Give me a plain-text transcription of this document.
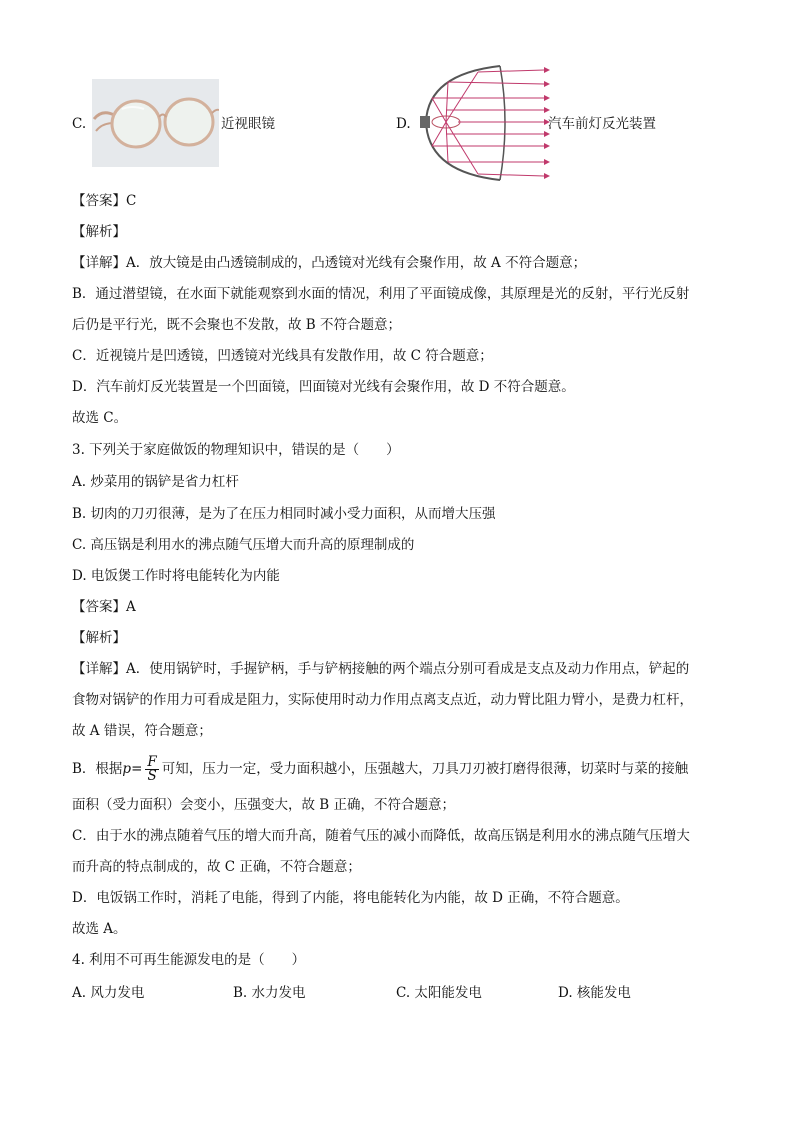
C.	近视眼镜	D.	汽车前灯反光装置
【答案】C
【解析】
【详解】A．放大镜是由凸透镜制成的，凸透镜对光线有会聚作用，故 A 不符合题意；
B．通过潜望镜，在水面下就能观察到水面的情况，利用了平面镜成像，其原理是光的反射，平行光反射
后仍是平行光，既不会聚也不发散，故 B 不符合题意；
C．近视镜片是凹透镜，凹透镜对光线具有发散作用，故 C 符合题意；
D．汽车前灯反光装置是一个凹面镜，凹面镜对光线有会聚作用，故 D 不符合题意。
故选 C。
3. 下列关于家庭做饭的物理知识中，错误的是（　　）
A. 炒菜用的锅铲是省力杠杆
B. 切肉的刀刃很薄，是为了在压力相同时减小受力面积，从而增大压强
C. 高压锅是利用水的沸点随气压增大而升高的原理制成的
D. 电饭煲工作时将电能转化为内能
【答案】A
【解析】
【详解】A．使用锅铲时，手握铲柄，手与铲柄接触的两个端点分别可看成是支点及动力作用点，铲起的
食物对锅铲的作用力可看成是阻力，实际使用时动力作用点离支点近，动力臂比阻力臂小，是费力杠杆，
故 A 错误，符合题意；
B．根据$p= \frac{F}{S}$ 可知，压力一定，受力面积越小，压强越大，刀具刀刃被打磨得很薄，切菜时与菜的接触
面积（受力面积）会变小，压强变大，故 B 正确，不符合题意；
C．由于水的沸点随着气压的增大而升高，随着气压的减小而降低，故高压锅是利用水的沸点随气压增大
而升高的特点制成的，故 C 正确，不符合题意；
D．电饭锅工作时，消耗了电能，得到了内能，将电能转化为内能，故 D 正确，不符合题意。
故选 A。
4. 利用不可再生能源发电的是（　　）
A. 风力发电	B. 水力发电	C. 太阳能发电	D. 核能发电
